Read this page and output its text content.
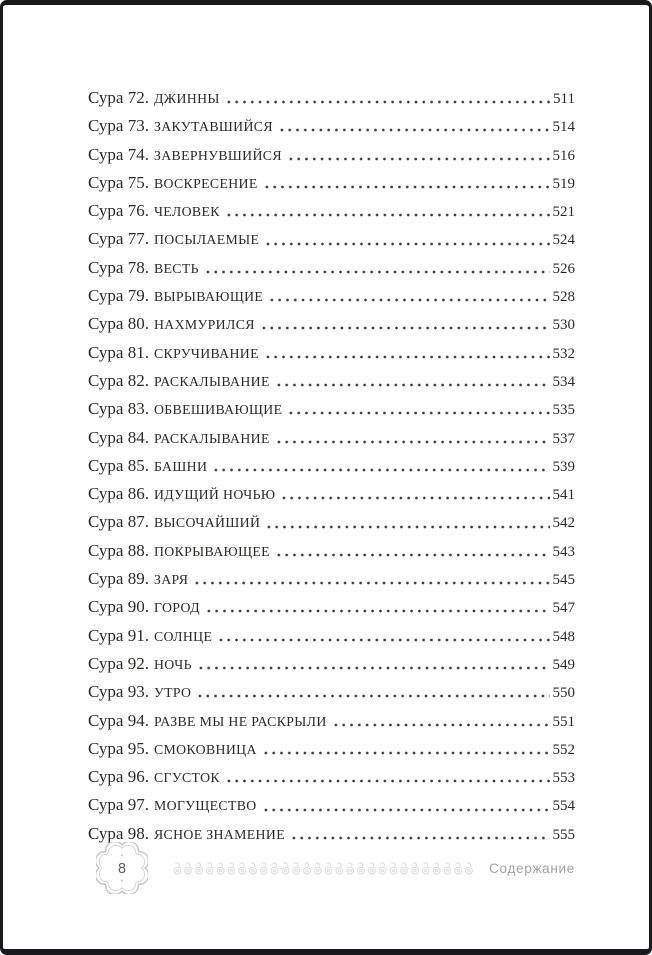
Сура 72. ДЖИННЫ	511
Сура 73. ЗАКУТАВШИЙСЯ	514
Сура 74. ЗАВЕРНУВШИЙСЯ	516
Сура 75. ВОСКРЕСЕНИЕ	519
Сура 76. ЧЕЛОВЕК	521
Сура 77. ПОСЫЛАЕМЫЕ	524
Сура 78. ВЕСТЬ	526
Сура 79. ВЫРЫВАЮЩИЕ	528
Сура 80. НАХМУРИЛСЯ	530
Сура 81. СКРУЧИВАНИЕ	532
Сура 82. РАСКАЛЫВАНИЕ	534
Сура 83. ОБВЕШИВАЮЩИЕ	535
Сура 84. РАСКАЛЫВАНИЕ	537
Сура 85. БАШНИ	539
Сура 86. ИДУЩИЙ НОЧЬЮ	541
Сура 87. ВЫСОЧАЙШИЙ	542
Сура 88. ПОКРЫВАЮЩЕЕ	543
Сура 89. ЗАРЯ	545
Сура 90. ГОРОД	547
Сура 91. СОЛНЦЕ	548
Сура 92. НОЧЬ	549
Сура 93. УТРО	550
Сура 94. РАЗВЕ МЫ НЕ РАСКРЫЛИ	551
Сура 95. СМОКОВНИЦА	552
Сура 96. СГУСТОК	553
Сура 97. МОГУЩЕСТВО	554
Сура 98. ЯСНОЕ ЗНАМЕНИЕ	555
8	Содержание
